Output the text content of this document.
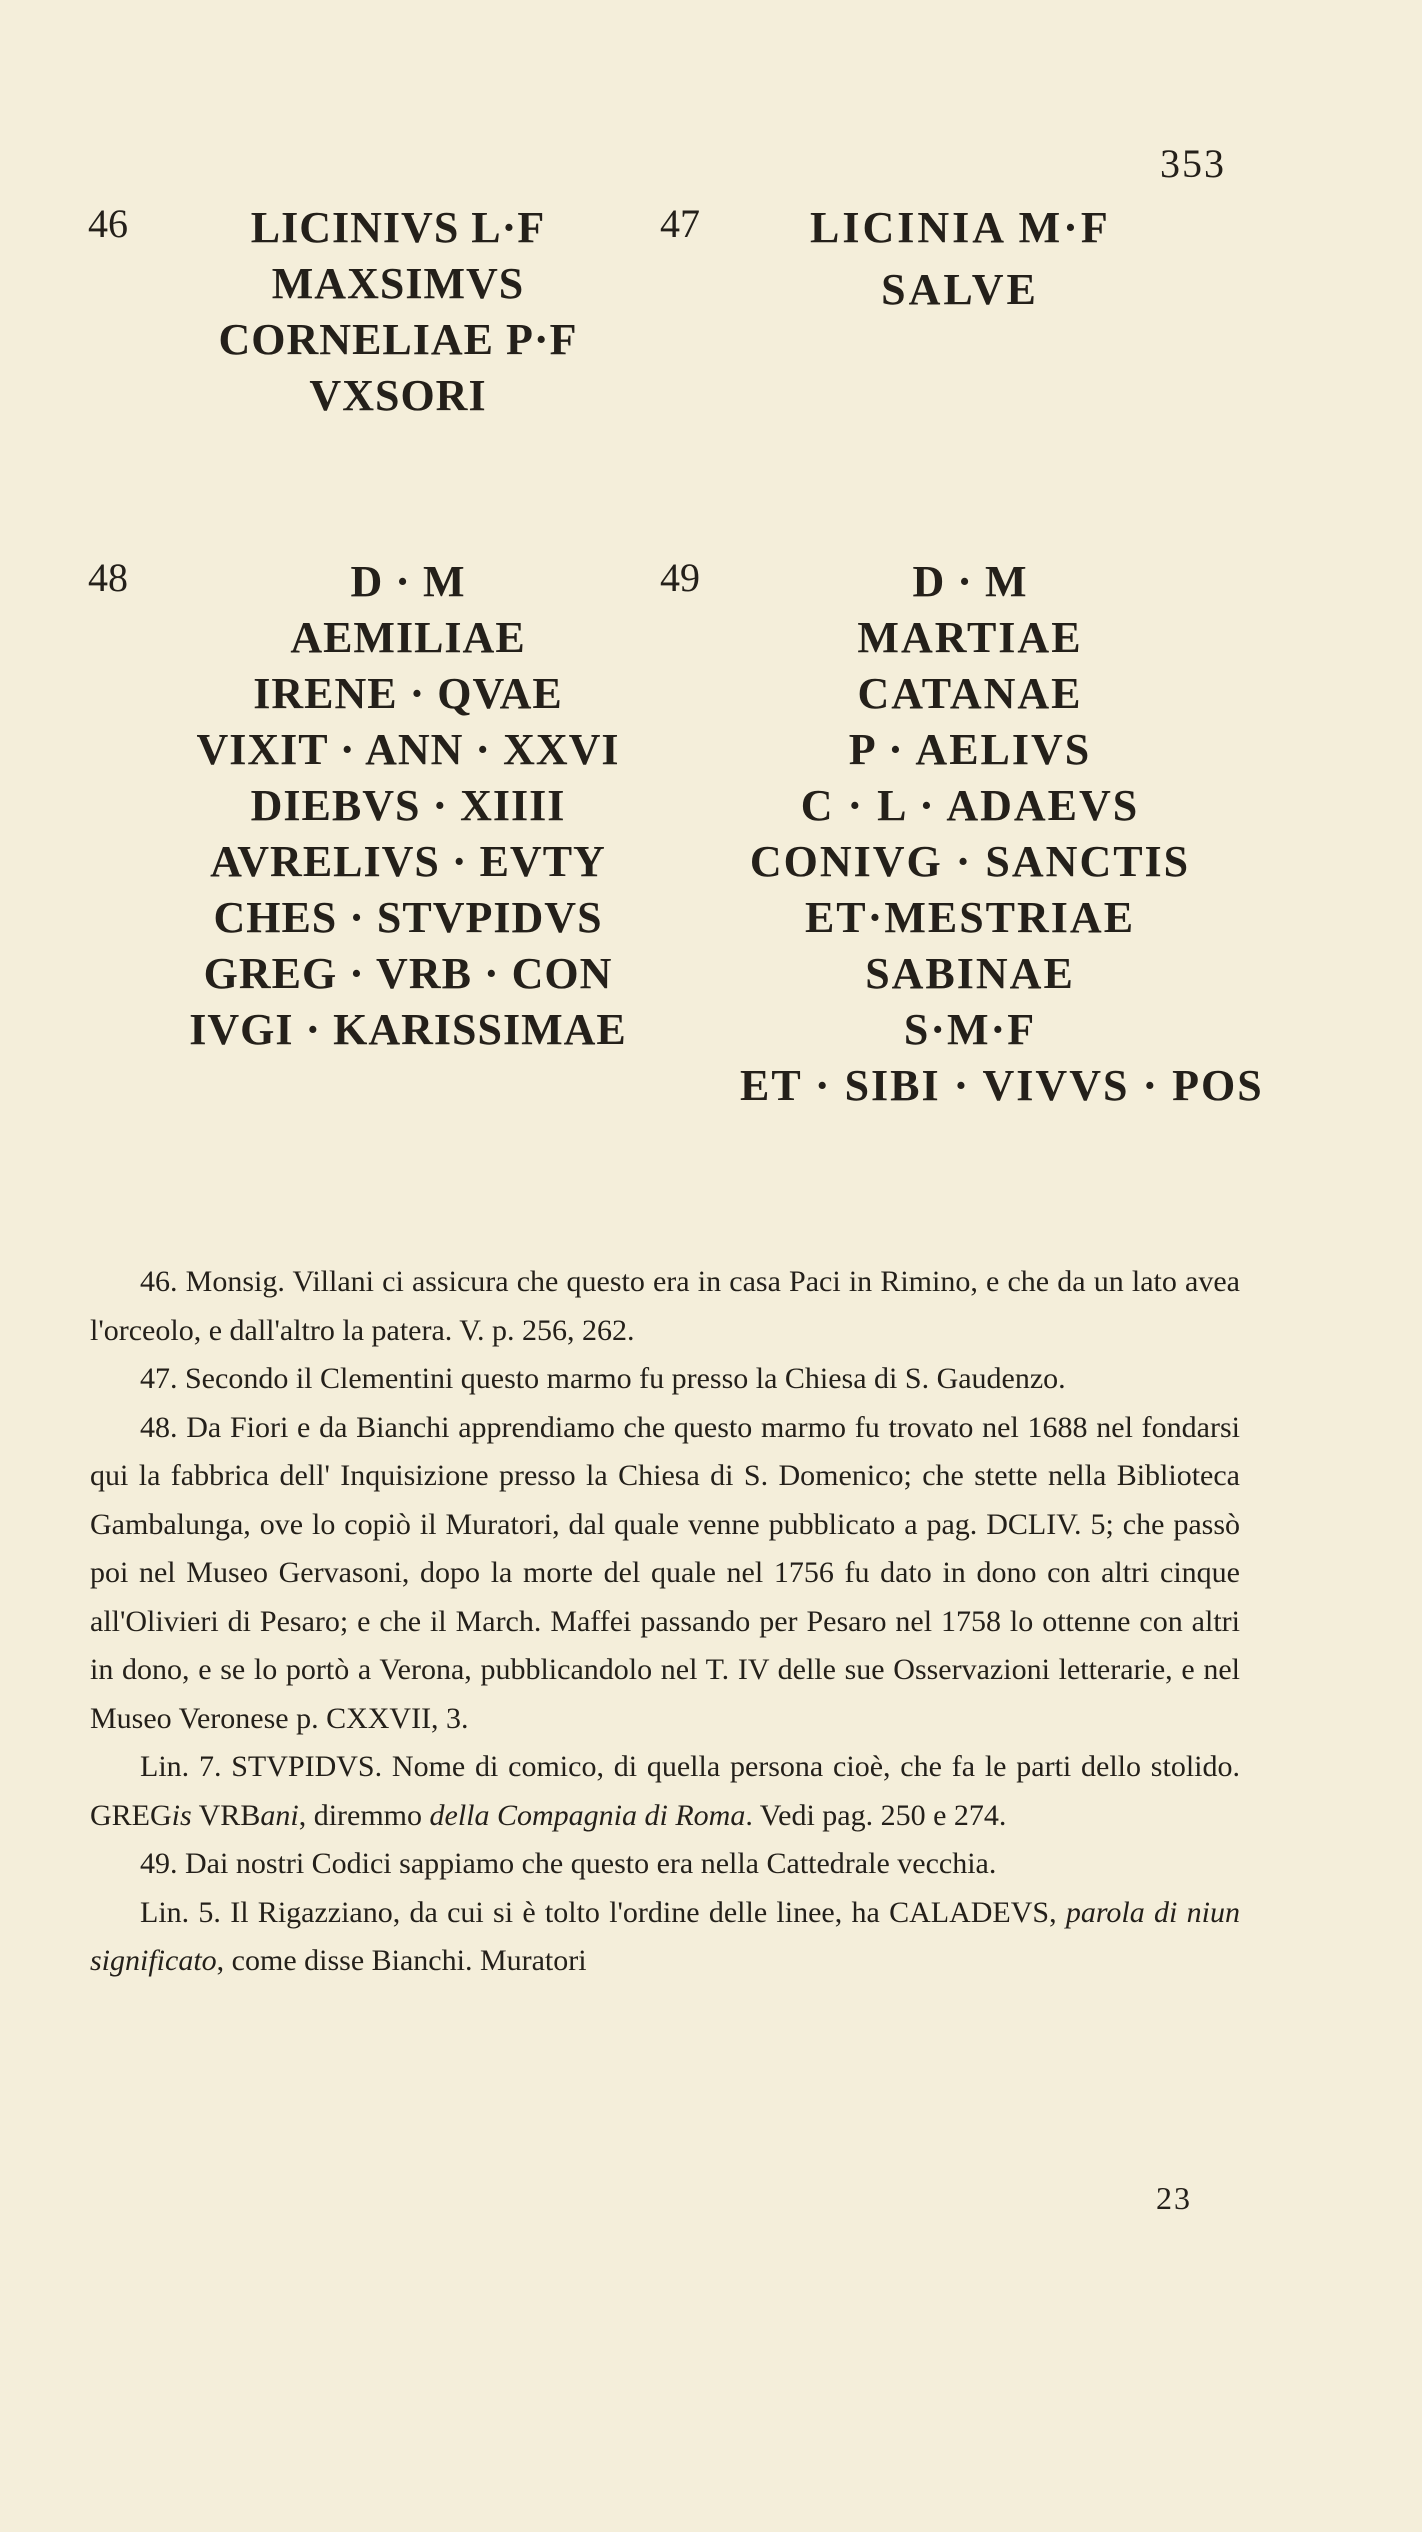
353
46	LICINIVS L·F
MAXSIMVS
CORNELIAE P·F
VXSORI
47	LICINIA M·F
SALVE
48	D · M
AEMILIAE
IRENE · QVAE
VIXIT · ANN · XXVI
DIEBVS · XIIII
AVRELIVS · EVTY
CHES · STVPIDVS
GREG · VRB · CON
IVGI · KARISSIMAE
49	D · M
MARTIAE
CATANAE
P · AELIVS
C · L · ADAEVS
CONIVG · SANCTIS
ET·MESTRIAE
SABINAE
S·M·F
ET · SIBI · VIVVS · POS

46. Monsig. Villani ci assicura che questo era in casa Paci in Rimino, e che da un lato avea l'orceolo, e dall'altro la patera. V. p. 256, 262.

47. Secondo il Clementini questo marmo fu presso la Chiesa di S. Gaudenzo.

48. Da Fiori e da Bianchi apprendiamo che questo marmo fu trovato nel 1688 nel fondarsi qui la fabbrica dell' Inquisizione presso la Chiesa di S. Domenico; che stette nella Biblioteca Gambalunga, ove lo copiò il Muratori, dal quale venne pubblicato a pag. DCLIV. 5; che passò poi nel Museo Gervasoni, dopo la morte del quale nel 1756 fu dato in dono con altri cinque all'Olivieri di Pesaro; e che il March. Maffei passando per Pesaro nel 1758 lo ottenne con altri in dono, e se lo portò a Verona, pubblicandolo nel T. IV delle sue Osservazioni letterarie, e nel Museo Veronese p. CXXVII, 3.

Lin. 7. STVPIDVS. Nome di comico, di quella persona cioè, che fa le parti dello stolido. GREGis VRBani, diremmo della Compagnia di Roma. Vedi pag. 250 e 274.

49. Dai nostri Codici sappiamo che questo era nella Cattedrale vecchia.

Lin. 5. Il Rigazziano, da cui si è tolto l'ordine delle linee, ha CALADEVS, parola di niun significato, come disse Bianchi. Muratori

23
